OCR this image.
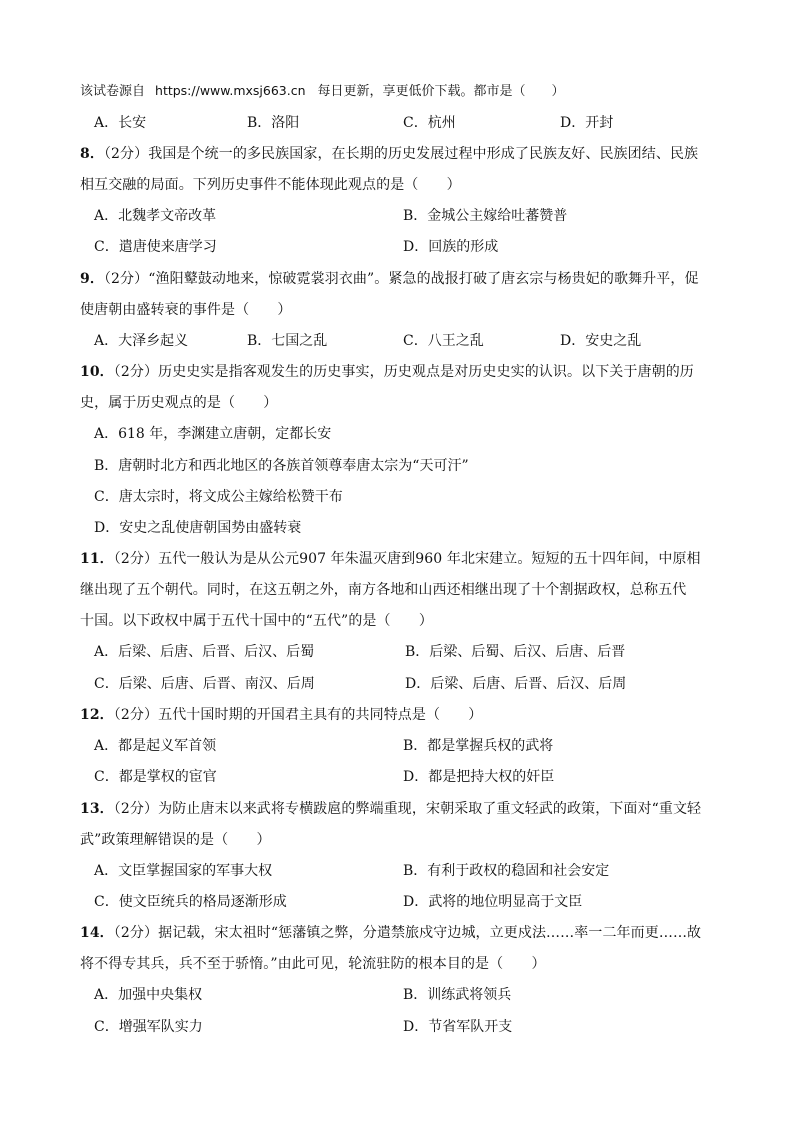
该试卷源自 https://www.mxsj663.cn 每日更新，享更低价下载。都市是（　　）
A．长安	B．洛阳	C．杭州	D．开封
8．（2分）我国是个统一的多民族国家，在长期的历史发展过程中形成了民族友好、民族团结、民族
相互交融的局面。下列历史事件不能体现此观点的是（　　）
A．北魏孝文帝改革	B．金城公主嫁给吐蕃赞普
C．遣唐使来唐学习	D．回族的形成
9．（2分）“渔阳鼙鼓动地来，惊破霓裳羽衣曲”。紧急的战报打破了唐玄宗与杨贵妃的歌舞升平，促
使唐朝由盛转衰的事件是（　　）
A．大泽乡起义	B．七国之乱	C．八王之乱	D．安史之乱
10．（2分）历史史实是指客观发生的历史事实，历史观点是对历史史实的认识。以下关于唐朝的历
史，属于历史观点的是（　　）
A．618 年，李渊建立唐朝，定都长安
B．唐朝时北方和西北地区的各族首领尊奉唐太宗为“天可汗”
C．唐太宗时，将文成公主嫁给松赞干布
D．安史之乱使唐朝国势由盛转衰
11．（2分）五代一般认为是从公元907 年朱温灭唐到960 年北宋建立。短短的五十四年间，中原相
继出现了五个朝代。同时，在这五朝之外，南方各地和山西还相继出现了十个割据政权，总称五代
十国。以下政权中属于五代十国中的“五代”的是（　　）
A．后梁、后唐、后晋、后汉、后蜀	B．后梁、后蜀、后汉、后唐、后晋
C．后梁、后唐、后晋、南汉、后周	D．后梁、后唐、后晋、后汉、后周
12．（2分）五代十国时期的开国君主具有的共同特点是（　　）
A．都是起义军首领	B．都是掌握兵权的武将
C．都是掌权的宦官	D．都是把持大权的奸臣
13．（2分）为防止唐末以来武将专横跋扈的弊端重现，宋朝采取了重文轻武的政策，下面对“重文轻
武”政策理解错误的是（　　）
A．文臣掌握国家的军事大权	B．有利于政权的稳固和社会安定
C．使文臣统兵的格局逐渐形成	D．武将的地位明显高于文臣
14．（2分）据记载，宋太祖时“惩藩镇之弊，分遣禁旅戍守边城，立更戍法……率一二年而更……故
将不得专其兵，兵不至于骄惰。”由此可见，轮流驻防的根本目的是（　　）
A．加强中央集权	B．训练武将领兵
C．增强军队实力	D．节省军队开支
